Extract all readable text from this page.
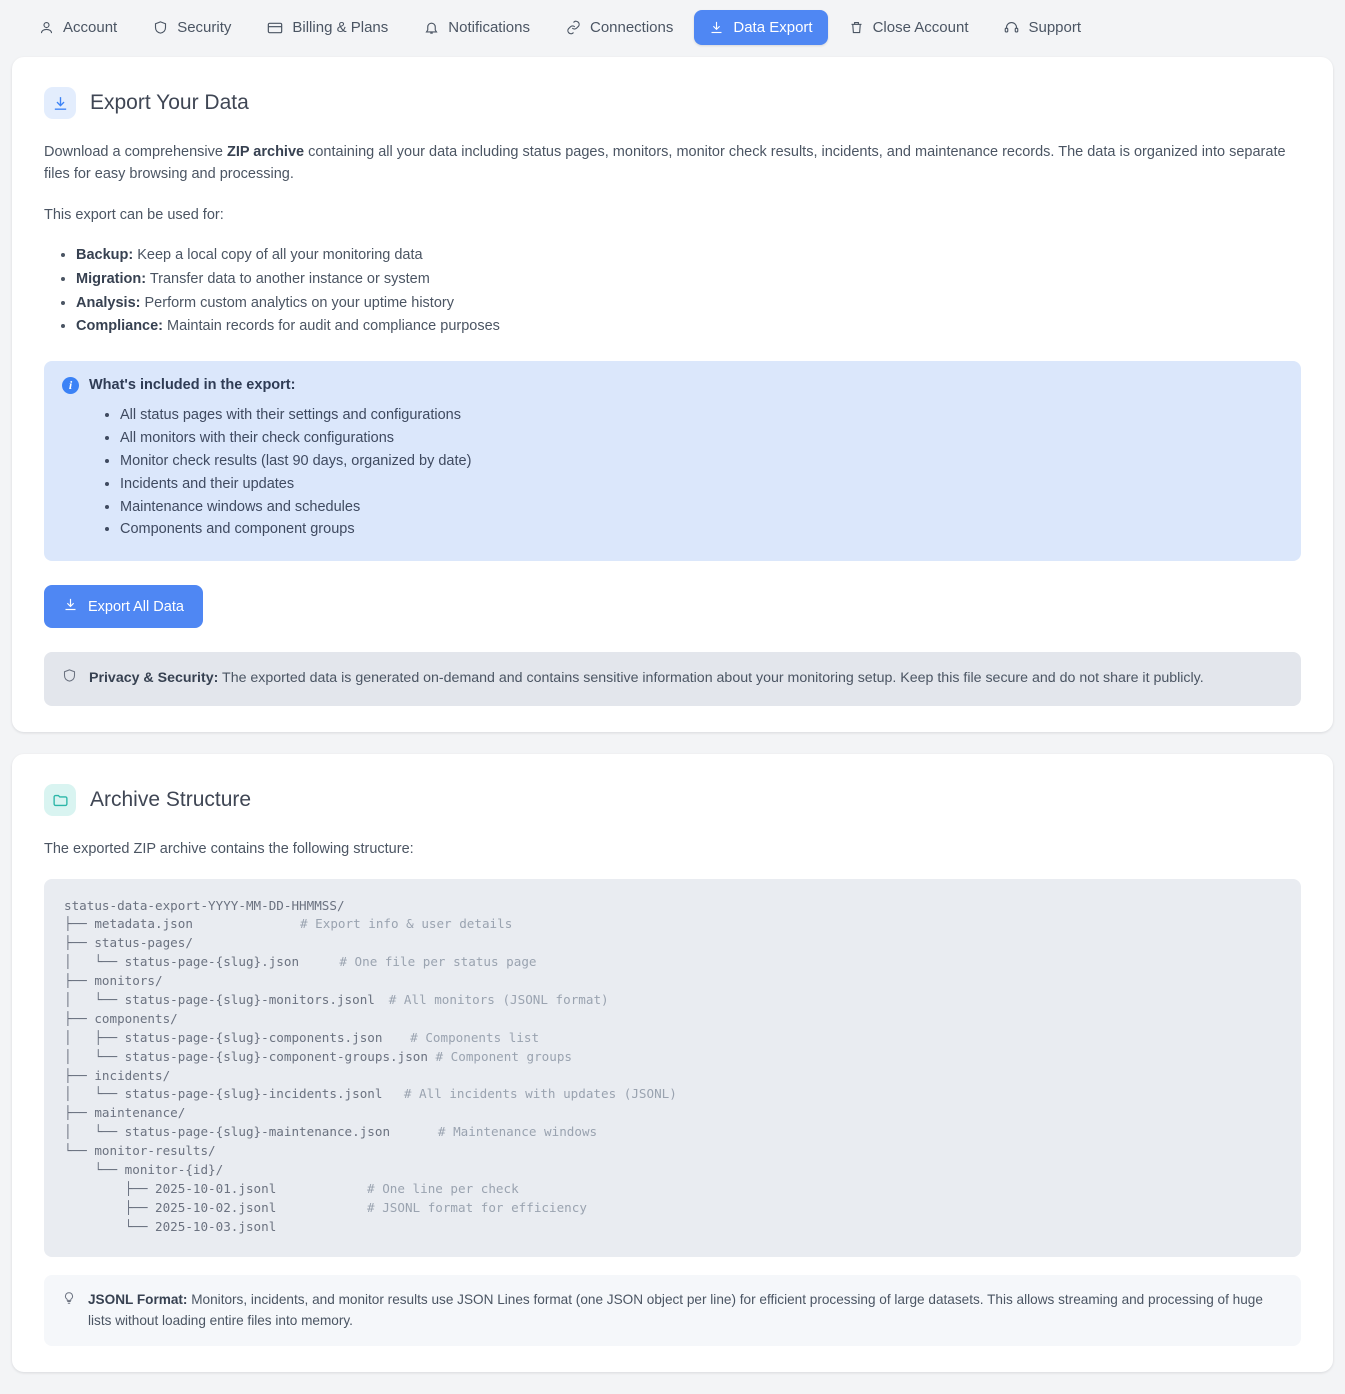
Account	Security	Billing & Plans	Notifications	Connections	Data Export	Close Account	Support
Export Your Data

Download a comprehensive ZIP archive containing all your data including status pages, monitors, monitor check results, incidents, and maintenance records. The data is organized into separate files for easy browsing and processing.

This export can be used for:

• Backup: Keep a local copy of all your monitoring data
• Migration: Transfer data to another instance or system
• Analysis: Perform custom analytics on your uptime history
• Compliance: Maintain records for audit and compliance purposes
i	What's included in the export:
• All status pages with their settings and configurations
• All monitors with their check configurations
• Monitor check results (last 90 days, organized by date)
• Incidents and their updates
• Maintenance windows and schedules
• Components and component groups
Export All Data
Privacy & Security: The exported data is generated on-demand and contains sensitive information about your monitoring setup. Keep this file secure and do not share it publicly.
Archive Structure

The exported ZIP archive contains the following structure:

status-data-export-YYYY-MM-DD-HHMMSS/
├── metadata.json	# Export info & user details
├── status-pages/
│   └── status-page-{slug}.json	# One file per status page
├── monitors/
│   └── status-page-{slug}-monitors.jsonl # All monitors (JSONL format)
├── components/
│   ├── status-page-{slug}-components.json # Components list
│   └── status-page-{slug}-component-groups.json # Component groups
├── incidents/
│   └── status-page-{slug}-incidents.jsonl # All incidents with updates (JSONL)
├── maintenance/
│   └── status-page-{slug}-maintenance.json	# Maintenance windows
└── monitor-results/
└── monitor-{id}/
├── 2025-10-01.jsonl	# One line per check
├── 2025-10-02.jsonl	# JSONL format for efficiency
└── 2025-10-03.jsonl
JSONL Format: Monitors, incidents, and monitor results use JSON Lines format (one JSON object per line) for efficient processing of large datasets. This allows streaming and processing of huge lists without loading entire files into memory.
